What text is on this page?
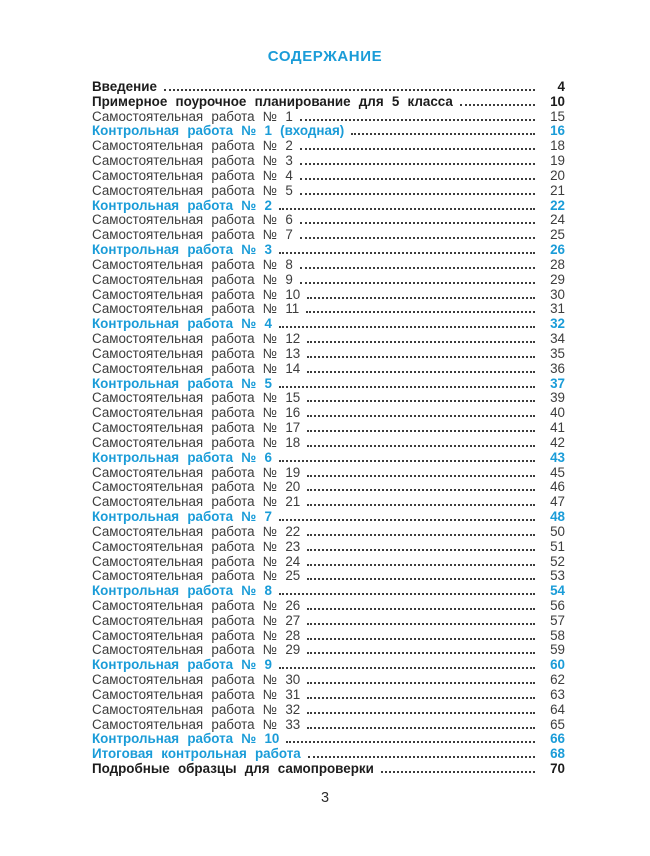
СОДЕРЖАНИЕ
Введение	4
Примерное поурочное планирование для 5 класса	10
Самостоятельная работа № 1	15
Контрольная работа № 1 (входная)	16
Самостоятельная работа № 2	18
Самостоятельная работа № 3	19
Самостоятельная работа № 4	20
Самостоятельная работа № 5	21
Контрольная работа № 2	22
Самостоятельная работа № 6	24
Самостоятельная работа № 7	25
Контрольная работа № 3	26
Самостоятельная работа № 8	28
Самостоятельная работа № 9	29
Самостоятельная работа № 10	30
Самостоятельная работа № 11	31
Контрольная работа № 4	32
Самостоятельная работа № 12	34
Самостоятельная работа № 13	35
Самостоятельная работа № 14	36
Контрольная работа № 5	37
Самостоятельная работа № 15	39
Самостоятельная работа № 16	40
Самостоятельная работа № 17	41
Самостоятельная работа № 18	42
Контрольная работа № 6	43
Самостоятельная работа № 19	45
Самостоятельная работа № 20	46
Самостоятельная работа № 21	47
Контрольная работа № 7	48
Самостоятельная работа № 22	50
Самостоятельная работа № 23	51
Самостоятельная работа № 24	52
Самостоятельная работа № 25	53
Контрольная работа № 8	54
Самостоятельная работа № 26	56
Самостоятельная работа № 27	57
Самостоятельная работа № 28	58
Самостоятельная работа № 29	59
Контрольная работа № 9	60
Самостоятельная работа № 30	62
Самостоятельная работа № 31	63
Самостоятельная работа № 32	64
Самостоятельная работа № 33	65
Контрольная работа № 10	66
Итоговая контрольная работа	68
Подробные образцы для самопроверки	70
3
